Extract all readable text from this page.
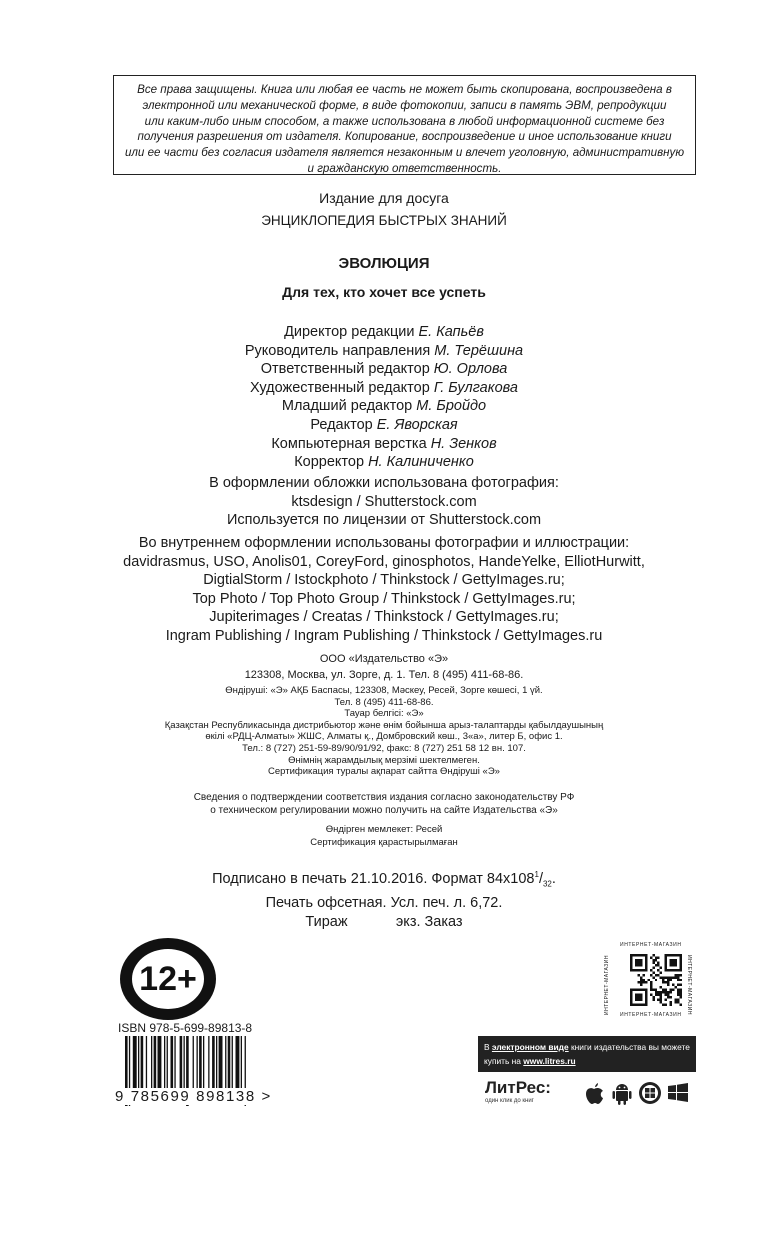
Все права защищены. Книга или любая ее часть не может быть скопирована, воспроизведена в
электронной или механической форме, в виде фотокопии, записи в память ЭВМ, репродукции
или каким-либо иным способом, а также использована в любой информационной системе без
получения разрешения от издателя. Копирование, воспроизведение и иное использование книги
или ее части без согласия издателя является незаконным и влечет уголовную, административную
и гражданскую ответственность.
Издание для досуга
ЭНЦИКЛОПЕДИЯ БЫСТРЫХ ЗНАНИЙ
ЭВОЛЮЦИЯ
Для тех, кто хочет все успеть
Директор редакции Е. Капьёв
Руководитель направления М. Терёшина
Ответственный редактор Ю. Орлова
Художественный редактор Г. Булгакова
Младший редактор М. Бройдо
Редактор Е. Яворская
Компьютерная верстка Н. Зенков
Корректор Н. Калиниченко
В оформлении обложки использована фотография:
ktsdesign / Shutterstock.com
Используется по лицензии от Shutterstock.com
Во внутреннем оформлении использованы фотографии и иллюстрации:
davidrasmus, USO, Anolis01, CoreyFord, ginosphotos, HandeYelke, ElliotHurwitt,
DigtialStorm / Istockphoto / Thinkstock / GettyImages.ru;
Top Photo / Top Photo Group / Thinkstock / GettyImages.ru;
Jupiterimages / Creatas / Thinkstock / GettyImages.ru;
Ingram Publishing / Ingram Publishing / Thinkstock / GettyImages.ru
ООО «Издательство «Э»
123308, Москва, ул. Зорге, д. 1. Тел. 8 (495) 411-68-86.
Өндіруші: «Э» АҚБ Баспасы, 123308, Мәскеу, Ресей, Зорге көшесі, 1 үй.
Тел. 8 (495) 411-68-86.
Тауар белгісі: «Э»
Қазақстан Республикасында дистрибьютор және өнім бойынша арыз-талаптарды қабылдаушының
өкілі «РДЦ-Алматы» ЖШС, Алматы қ., Домбровский көш., 3«а», литер Б, офис 1.
Тел.: 8 (727) 251-59-89/90/91/92, факс: 8 (727) 251 58 12 вн. 107.
Өнімнің жарамдылық мерзімі шектелмеген.
Сертификация туралы ақпарат сайтта Өндіруші «Э»
Сведения о подтверждении соответствия издания согласно законодательству РФ
о техническом регулировании можно получить на сайте Издательства «Э»
Өндірген мемлекет: Ресей
Сертификация қарастырылмаған
Подписано в печать 21.10.2016. Формат $84х108^1/_{32}$.
Печать офсетная. Усл. печ. л. 6,72.
Тираж            экз. Заказ
12+
ISBN 978-5-699-89813-8
9 785699 898138 >
ИНТЕРНЕТ-МАГАЗИН
ИНТЕРНЕТ-МАГАЗИН
ИНТЕРНЕТ-МАГАЗИН	ИНТЕРНЕТ-МАГАЗИН
В электронном виде книги издательства вы можете
купить на www.litres.ru
ЛитРес:
один клик до книг
